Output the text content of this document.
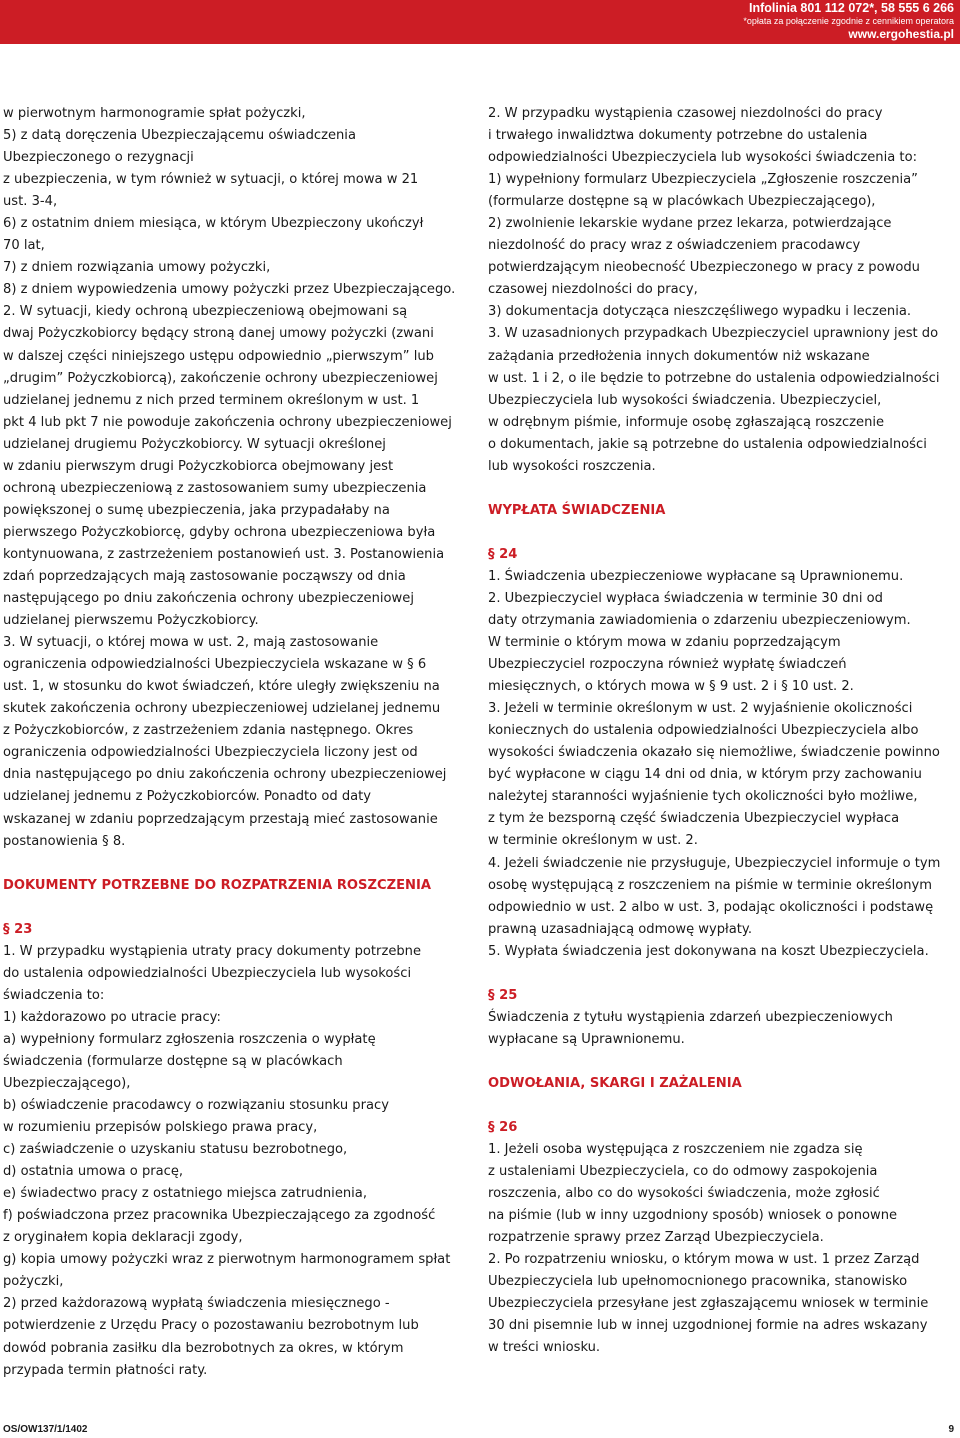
Infolinia 801 112 072*, 58 555 6 266
*opłata za połączenie zgodnie z cennikiem operatora
www.ergohestia.pl
w pierwotnym harmonogramie spłat pożyczki,
5) z datą doręczenia Ubezpieczającemu oświadczenia
Ubezpieczonego o rezygnacji
z ubezpieczenia, w tym również w sytuacji, o której mowa w 21
ust. 3-4,
6) z ostatnim dniem miesiąca, w którym Ubezpieczony ukończył
70 lat,
7) z dniem rozwiązania umowy pożyczki,
8) z dniem wypowiedzenia umowy pożyczki przez Ubezpieczającego.
2. W sytuacji, kiedy ochroną ubezpieczeniową obejmowani są
dwaj Pożyczkobiorcy będący stroną danej umowy pożyczki (zwani
w dalszej części niniejszego ustępu odpowiednio „pierwszym” lub
„drugim” Pożyczkobiorcą), zakończenie ochrony ubezpieczeniowej
udzielanej jednemu z nich przed terminem określonym w ust. 1
pkt 4 lub pkt 7 nie powoduje zakończenia ochrony ubezpieczeniowej
udzielanej drugiemu Pożyczkobiorcy. W sytuacji określonej
w zdaniu pierwszym drugi Pożyczkobiorca obejmowany jest
ochroną ubezpieczeniową z zastosowaniem sumy ubezpieczenia
powiększonej o sumę ubezpieczenia, jaka przypadałaby na
pierwszego Pożyczkobiorcę, gdyby ochrona ubezpieczeniowa była
kontynuowana, z zastrzeżeniem postanowień ust. 3. Postanowienia
zdań poprzedzających mają zastosowanie począwszy od dnia
następującego po dniu zakończenia ochrony ubezpieczeniowej
udzielanej pierwszemu Pożyczkobiorcy.
3. W sytuacji, o której mowa w ust. 2, mają zastosowanie
ograniczenia odpowiedzialności Ubezpieczyciela wskazane w § 6
ust. 1, w stosunku do kwot świadczeń, które uległy zwiększeniu na
skutek zakończenia ochrony ubezpieczeniowej udzielanej jednemu
z Pożyczkobiorców, z zastrzeżeniem zdania następnego. Okres
ograniczenia odpowiedzialności Ubezpieczyciela liczony jest od
dnia następującego po dniu zakończenia ochrony ubezpieczeniowej
udzielanej jednemu z Pożyczkobiorców. Ponadto od daty
wskazanej w zdaniu poprzedzającym przestają mieć zastosowanie
postanowienia § 8.
DOKUMENTY POTRZEBNE DO ROZPATRZENIA ROSZCZENIA
§ 23
1. W przypadku wystąpienia utraty pracy dokumenty potrzebne
do ustalenia odpowiedzialności Ubezpieczyciela lub wysokości
świadczenia to:
1) każdorazowo po utracie pracy:
a) wypełniony formularz zgłoszenia roszczenia o wypłatę
świadczenia (formularze dostępne są w placówkach
Ubezpieczającego),
b) oświadczenie pracodawcy o rozwiązaniu stosunku pracy
w rozumieniu przepisów polskiego prawa pracy,
c) zaświadczenie o uzyskaniu statusu bezrobotnego,
d) ostatnia umowa o pracę,
e) świadectwo pracy z ostatniego miejsca zatrudnienia,
f) poświadczona przez pracownika Ubezpieczającego za zgodność
z oryginałem kopia deklaracji zgody,
g) kopia umowy pożyczki wraz z pierwotnym harmonogramem spłat
pożyczki,
2) przed każdorazową wypłatą świadczenia miesięcznego -
potwierdzenie z Urzędu Pracy o pozostawaniu bezrobotnym lub
dowód pobrania zasiłku dla bezrobotnych za okres, w którym
przypada termin płatności raty.
2. W przypadku wystąpienia czasowej niezdolności do pracy
i trwałego inwalidztwa dokumenty potrzebne do ustalenia
odpowiedzialności Ubezpieczyciela lub wysokości świadczenia to:
1) wypełniony formularz Ubezpieczyciela „Zgłoszenie roszczenia”
(formularze dostępne są w placówkach Ubezpieczającego),
2) zwolnienie lekarskie wydane przez lekarza, potwierdzające
niezdolność do pracy wraz z oświadczeniem pracodawcy
potwierdzającym nieobecność Ubezpieczonego w pracy z powodu
czasowej niezdolności do pracy,
3) dokumentacja dotycząca nieszczęśliwego wypadku i leczenia.
3. W uzasadnionych przypadkach Ubezpieczyciel uprawniony jest do
zażądania przedłożenia innych dokumentów niż wskazane
w ust. 1 i 2, o ile będzie to potrzebne do ustalenia odpowiedzialności
Ubezpieczyciela lub wysokości świadczenia. Ubezpieczyciel,
w odrębnym piśmie, informuje osobę zgłaszającą roszczenie
o dokumentach, jakie są potrzebne do ustalenia odpowiedzialności
lub wysokości roszczenia.
WYPŁATA ŚWIADCZENIA
§ 24
1. Świadczenia ubezpieczeniowe wypłacane są Uprawnionemu.
2. Ubezpieczyciel wypłaca świadczenia w terminie 30 dni od
daty otrzymania zawiadomienia o zdarzeniu ubezpieczeniowym.
W terminie o którym mowa w zdaniu poprzedzającym
Ubezpieczyciel rozpoczyna również wypłatę świadczeń
miesięcznych, o których mowa w § 9 ust. 2 i § 10 ust. 2.
3. Jeżeli w terminie określonym w ust. 2 wyjaśnienie okoliczności
koniecznych do ustalenia odpowiedzialności Ubezpieczyciela albo
wysokości świadczenia okazało się niemożliwe, świadczenie powinno
być wypłacone w ciągu 14 dni od dnia, w którym przy zachowaniu
należytej staranności wyjaśnienie tych okoliczności było możliwe,
z tym że bezsporną część świadczenia Ubezpieczyciel wypłaca
w terminie określonym w ust. 2.
4. Jeżeli świadczenie nie przysługuje, Ubezpieczyciel informuje o tym
osobę występującą z roszczeniem na piśmie w terminie określonym
odpowiednio w ust. 2 albo w ust. 3, podając okoliczności i podstawę
prawną uzasadniającą odmowę wypłaty.
5. Wypłata świadczenia jest dokonywana na koszt Ubezpieczyciela.
§ 25
Świadczenia z tytułu wystąpienia zdarzeń ubezpieczeniowych
wypłacane są Uprawnionemu.
ODWOŁANIA, SKARGI I ZAŻALENIA
§ 26
1. Jeżeli osoba występująca z roszczeniem nie zgadza się
z ustaleniami Ubezpieczyciela, co do odmowy zaspokojenia
roszczenia, albo co do wysokości świadczenia, może zgłosić
na piśmie (lub w inny uzgodniony sposób) wniosek o ponowne
rozpatrzenie sprawy przez Zarząd Ubezpieczyciela.
2. Po rozpatrzeniu wniosku, o którym mowa w ust. 1 przez Zarząd
Ubezpieczyciela lub upełnomocnionego pracownika, stanowisko
Ubezpieczyciela przesyłane jest zgłaszającemu wniosek w terminie
30 dni pisemnie lub w innej uzgodnionej formie na adres wskazany
w treści wniosku.
OS/OW137/1/1402	9
